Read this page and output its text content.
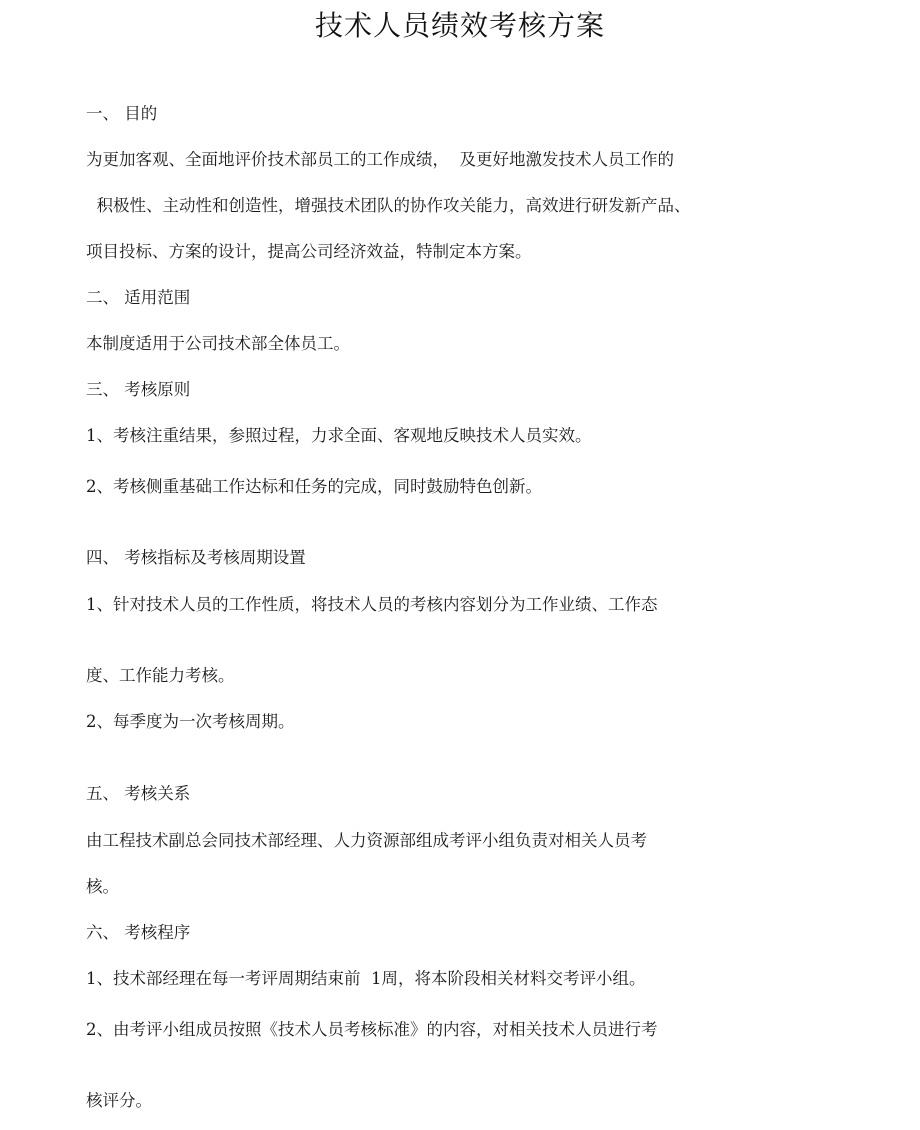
技术人员绩效考核方案
一、 目的
为更加客观、全面地评价技术部员工的工作成绩，  及更好地激发技术人员工作的
积极性、主动性和创造性，增强技术团队的协作攻关能力，高效进行研发新产品、
项目投标、方案的设计，提高公司经济效益，特制定本方案。
二、 适用范围
本制度适用于公司技术部全体员工。
三、 考核原则
1、考核注重结果，参照过程，力求全面、客观地反映技术人员实效。
2、考核侧重基础工作达标和任务的完成，同时鼓励特色创新。
四、 考核指标及考核周期设置
1、针对技术人员的工作性质，将技术人员的考核内容划分为工作业绩、工作态
度、工作能力考核。
2、每季度为一次考核周期。
五、 考核关系
由工程技术副总会同技术部经理、人力资源部组成考评小组负责对相关人员考
核。
六、 考核程序
1、技术部经理在每一考评周期结束前  1周，将本阶段相关材料交考评小组。
2、由考评小组成员按照《技术人员考核标准》的内容，对相关技术人员进行考
核评分。
